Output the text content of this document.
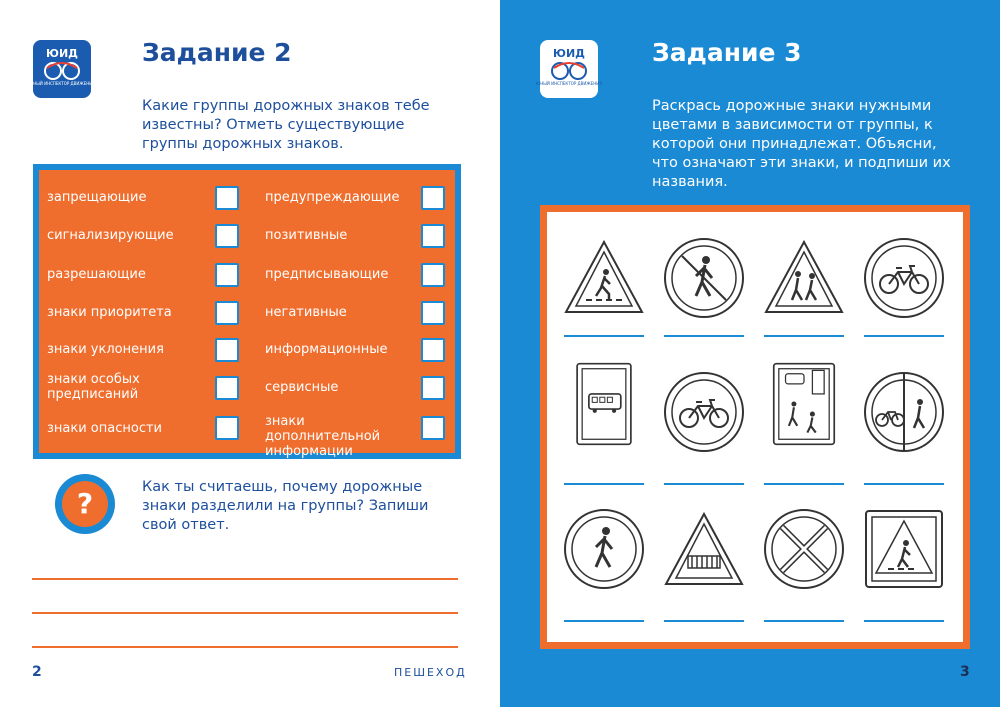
ЮИД
ЮНЫЙ ИНСПЕКТОР ДВИЖЕНИЯ
Задание 2
Какие группы дорожных знаков тебе известны? Отметь существующие группы дорожных знаков.
запрещающие	предупреждающие
сигнализирующие	позитивные
разрешающие	предписывающие
знаки приоритета	негативные
знаки уклонения	информационные
знаки особых предписаний	сервисные
знаки опасности	знаки дополнительной информации
?	Как ты считаешь, почему дорожные знаки разделили на группы? Запиши свой ответ.
2	ПЕШЕХОД
ЮИД
ЮНЫЙ ИНСПЕКТОР ДВИЖЕНИЯ
Задание 3
Раскрась дорожные знаки нужными цветами в зависимости от группы, к которой они принадлежат. Объясни, что означают эти знаки, и подпиши их названия.
3
